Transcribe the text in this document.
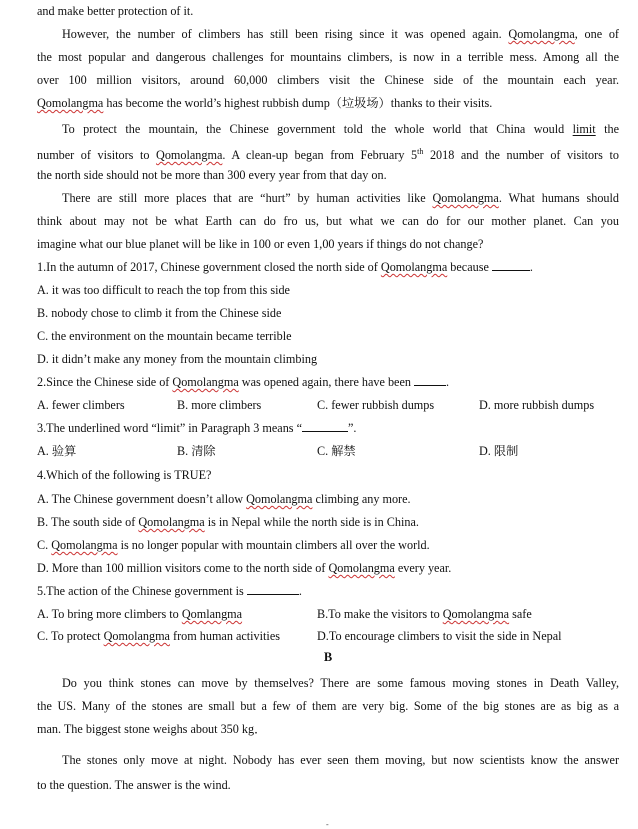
and make better protection of it.
However, the number of climbers has still been rising since it was opened again. Qomolangma, one of
the most popular and dangerous challenges for mountains climbers, is now in a terrible mess. Among all the
over 100 million visitors, around 60,000 climbers visit the Chinese side of the mountain each year.
Qomolangma has become the world’s highest rubbish dump（垃圾场）thanks to their visits.
To protect the mountain, the Chinese government told the whole world that China would limit the
number of visitors to Qomolangma. A clean-up began from February 5th 2018 and the number of visitors to
the north side should not be more than 300 every year from that day on.
There are still more places that are “hurt” by human activities like Qomolangma. What humans should
think about may not be what Earth can do fro us, but what we can do for our mother planet. Can you
imagine what our blue planet will be like in 100 or even 1,00 years if things do not change?
1.In the autumn of 2017, Chinese government closed the north side of Qomolangma because	.
A. it was too difficult to reach the top from this side
B. nobody chose to climb it from the Chinese side
C. the environment on the mountain became terrible
D. it didn’t make any money from the mountain climbing
2.Since the Chinese side of Qomolangma was opened again, there have been	.
A. fewer climbers	B. more climbers	C. fewer rubbish dumps	D. more rubbish dumps
3.The underlined word “limit” in Paragraph 3 means “	”.
A. 验算	B. 清除	C. 解禁	D. 限制
4.Which of the following is TRUE?
A. The Chinese government doesn’t allow Qomolangma climbing any more.
B. The south side of Qomolangma is in Nepal while the north side is in China.
C. Qomolangma is no longer popular with mountain climbers all over the world.
D. More than 100 million visitors come to the north side of Qomolangma every year.
5.The action of the Chinese government is	.
A. To bring more climbers to Qomlangma	B.To make the visitors to Qomolangma safe
C. To protect Qomolangma from human activities	D.To encourage climbers to visit the side in Nepal
B
Do you think stones can move by themselves? There are some famous moving stones in Death Valley,
the US. Many of the stones are small but a few of them are very big. Some of the big stones are as big as a
man. The biggest stone weighs about 350 kg．
The stones only move at night. Nobody has ever seen them moving, but now scientists know the answer
to the question. The answer is the wind.
-
